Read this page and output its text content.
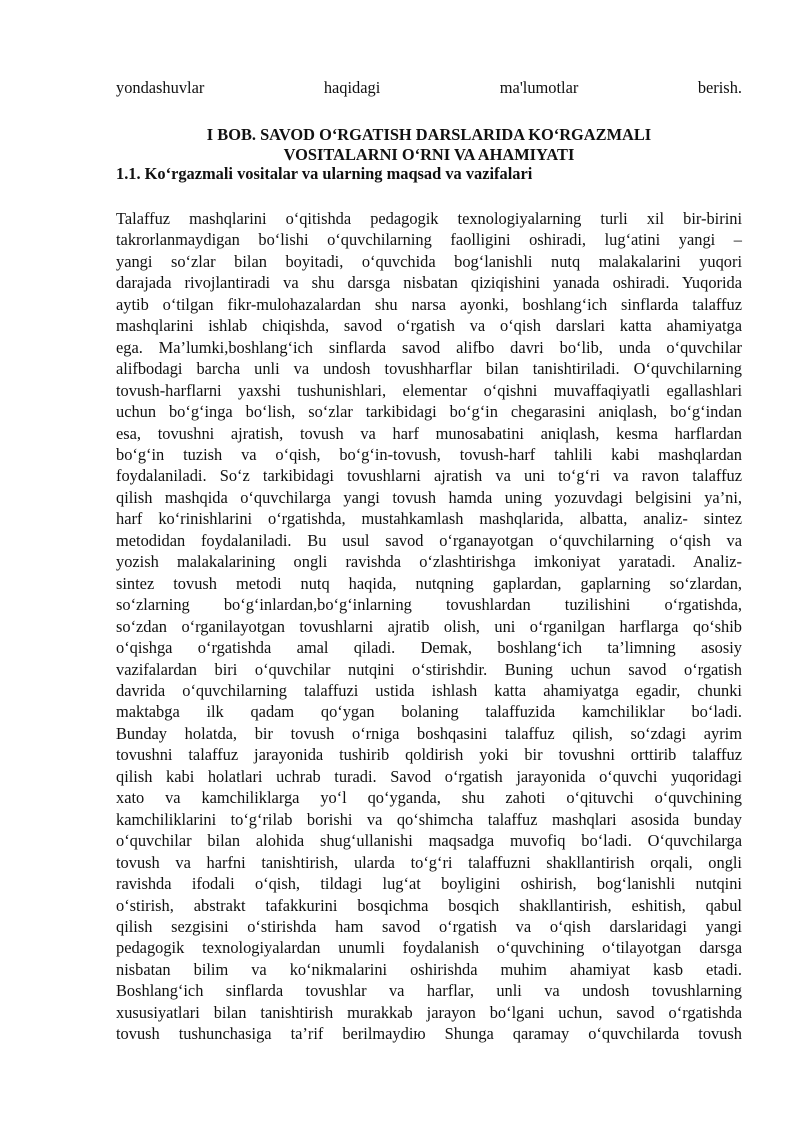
yondashuvlar	haqidagi	ma'lumotlar	berish.
I BOB. SAVOD O‘RGATISH DARSLARIDA KO‘RGAZMALI
VOSITALARNI O‘RNI VA AHAMIYATI
1.1. Ko‘rgazmali vositalar va ularning maqsad va vazifalari
Talaffuz mashqlarini o‘qitishda pedagogik texnologiyalarning turli xil bir-birini
takrorlanmaydigan bo‘lishi o‘quvchilarning faolligini oshiradi, lug‘atini yangi –
yangi so‘zlar bilan boyitadi, o‘quvchida bog‘lanishli nutq malakalarini yuqori
darajada rivojlantiradi va shu darsga nisbatan qiziqishini yanada oshiradi. Yuqorida
aytib o‘tilgan fikr-mulohazalardan shu narsa ayonki, boshlang‘ich sinflarda talaffuz
mashqlarini ishlab chiqishda, savod o‘rgatish va o‘qish darslari katta ahamiyatga
ega. Ma’lumki,boshlang‘ich sinflarda savod alifbo davri bo‘lib, unda o‘quvchilar
alifbodagi barcha unli va undosh tovushharflar bilan tanishtiriladi. O‘quvchilarning
tovush-harflarni yaxshi tushunishlari, elementar o‘qishni muvaffaqiyatli egallashlari
uchun bo‘g‘inga bo‘lish, so‘zlar tarkibidagi bo‘g‘in chegarasini aniqlash, bo‘g‘indan
esa, tovushni ajratish, tovush va harf munosabatini aniqlash, kesma harflardan
bo‘g‘in tuzish va o‘qish, bo‘g‘in-tovush, tovush-harf tahlili kabi mashqlardan
foydalaniladi. So‘z tarkibidagi tovushlarni ajratish va uni to‘g‘ri va ravon talaffuz
qilish mashqida o‘quvchilarga yangi tovush hamda uning yozuvdagi belgisini ya’ni,
harf ko‘rinishlarini o‘rgatishda, mustahkamlash mashqlarida, albatta, analiz- sintez
metodidan foydalaniladi. Bu usul savod o‘rganayotgan o‘quvchilarning o‘qish va
yozish malakalarining ongli ravishda o‘zlashtirishga imkoniyat yaratadi. Analiz-
sintez tovush metodi nutq haqida, nutqning gaplardan, gaplarning so‘zlardan,
so‘zlarning bo‘g‘inlardan,bo‘g‘inlarning tovushlardan tuzilishini o‘rgatishda,
so‘zdan o‘rganilayotgan tovushlarni ajratib olish, uni o‘rganilgan harflarga qo‘shib
o‘qishga o‘rgatishda amal qiladi. Demak, boshlang‘ich ta’limning asosiy
vazifalardan biri o‘quvchilar nutqini o‘stirishdir. Buning uchun savod o‘rgatish
davrida o‘quvchilarning talaffuzi ustida ishlash katta ahamiyatga egadir, chunki
maktabga ilk qadam qo‘ygan bolaning talaffuzida kamchiliklar bo‘ladi.
Bunday holatda, bir tovush o‘rniga boshqasini talaffuz qilish, so‘zdagi ayrim
tovushni talaffuz jarayonida tushirib qoldirish yoki bir tovushni orttirib talaffuz
qilish kabi holatlari uchrab turadi. Savod o‘rgatish jarayonida o‘quvchi yuqoridagi
xato va kamchiliklarga yo‘l qo‘yganda, shu zahoti o‘qituvchi o‘quvchining
kamchiliklarini to‘g‘rilab borishi va qo‘shimcha talaffuz mashqlari asosida bunday
o‘quvchilar bilan alohida shug‘ullanishi maqsadga muvofiq bo‘ladi. O‘quvchilarga
tovush va harfni tanishtirish, ularda to‘g‘ri talaffuzni shakllantirish orqali, ongli
ravishda ifodali o‘qish, tildagi lug‘at boyligini oshirish, bog‘lanishli nutqini
o‘stirish, abstrakt tafakkurini bosqichma bosqich shakllantirish, eshitish, qabul
qilish sezgisini o‘stirishda ham savod o‘rgatish va o‘qish darslaridagi yangi
pedagogik texnologiyalardan unumli foydalanish o‘quvchining o‘tilayotgan darsga
nisbatan bilim va ko‘nikmalarini oshirishda muhim ahamiyat kasb etadi.
Boshlang‘ich sinflarda tovushlar va harflar, unli va undosh tovushlarning
xususiyatlari bilan tanishtirish murakkab jarayon bo‘lgani uchun, savod o‘rgatishda
tovush tushunchasiga ta’rif berilmaydiю Shunga qaramay o‘quvchilarda tovush
